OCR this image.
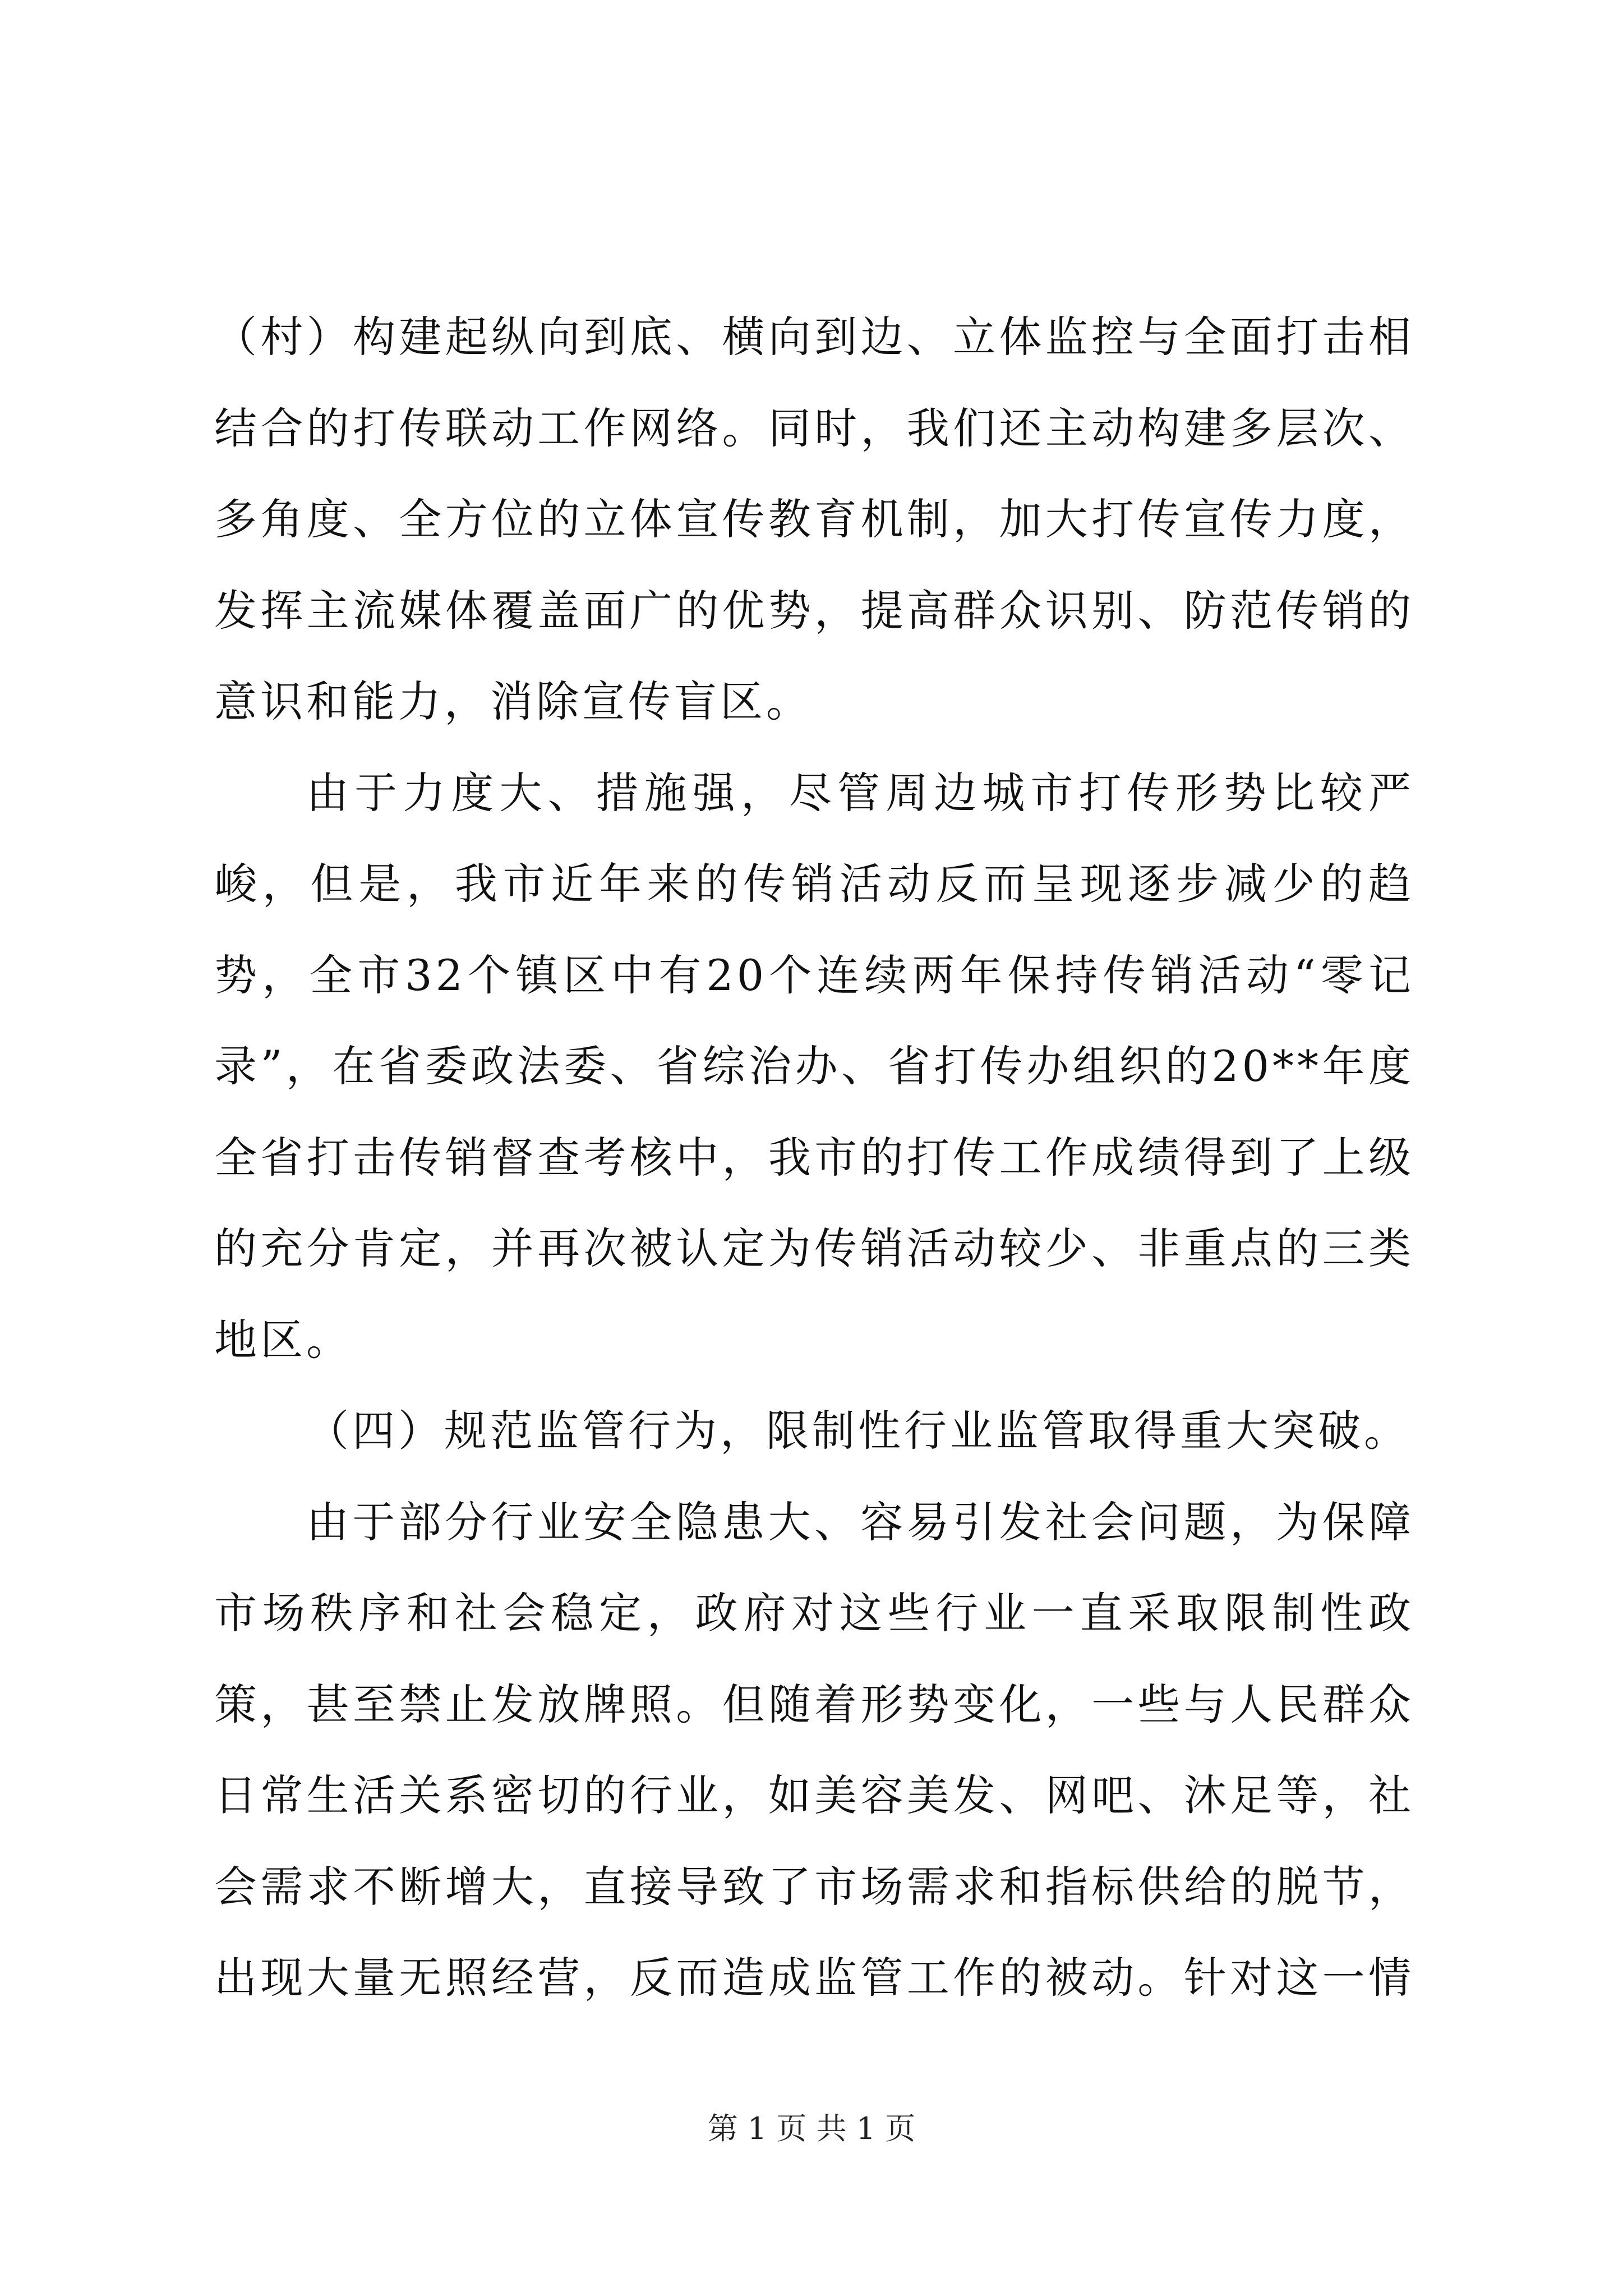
（村）构建起纵向到底、横向到边、立体监控与全面打击相结合的打传联动工作网络。同时，我们还主动构建多层次、多角度、全方位的立体宣传教育机制，加大打传宣传力度，发挥主流媒体覆盖面广的优势，提高群众识别、防范传销的意识和能力，消除宣传盲区。

由于力度大、措施强，尽管周边城市打传形势比较严峻，但是，我市近年来的传销活动反而呈现逐步减少的趋势，全市32个镇区中有20个连续两年保持传销活动“零记录”，在省委政法委、省综治办、省打传办组织的20**年度全省打击传销督查考核中，我市的打传工作成绩得到了上级的充分肯定，并再次被认定为传销活动较少、非重点的三类地区。

（四）规范监管行为，限制性行业监管取得重大突破。

由于部分行业安全隐患大、容易引发社会问题，为保障市场秩序和社会稳定，政府对这些行业一直采取限制性政策，甚至禁止发放牌照。但随着形势变化，一些与人民群众日常生活关系密切的行业，如美容美发、网吧、沐足等，社会需求不断增大，直接导致了市场需求和指标供给的脱节，出现大量无照经营，反而造成监管工作的被动。针对这一情

第 1 页 共 1 页
